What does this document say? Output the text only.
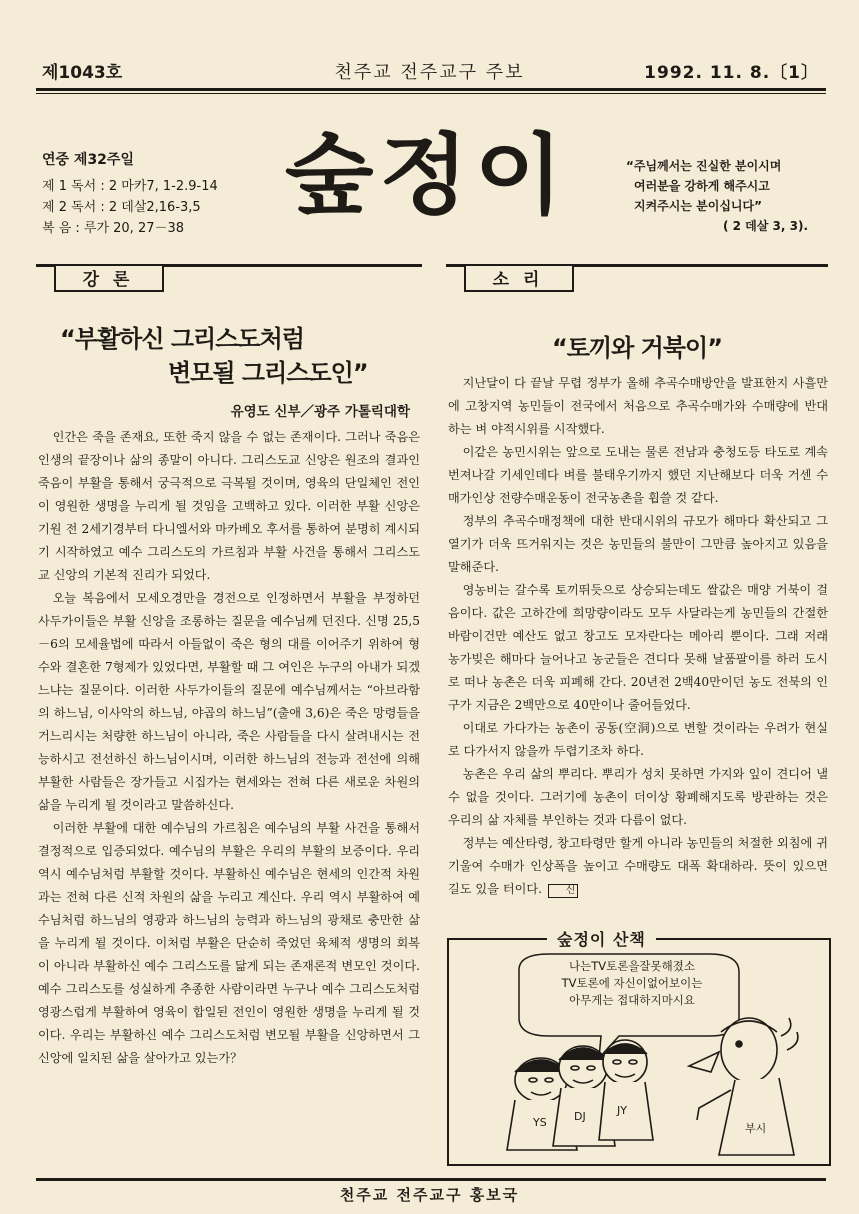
제1043호	천주교 전주교구 주보	1992. 11. 8.〔1〕
연중 제32주일
제 1 독서 : 2 마카7, 1-2.9-14
제 2 독서 : 2 데살2,16-3,5
복 음 : 루가 20, 27－38
숲정이	“주님께서는 진실한 분이시며
여러분을 강하게 해주시고
지켜주시는 분이십니다”
( 2 데살 3, 3).
강론
“부활하신 그리스도처럼
변모될 그리스도인”
유영도 신부／광주 가톨릭대학

인간은 죽을 존재요, 또한 죽지 않을 수 없는 존재이다. 그러나 죽음은 인생의 끝장이나 삶의 종말이 아니다. 그리스도교 신앙은 원조의 결과인 죽음이 부활을 통해서 궁극적으로 극복될 것이며, 영육의 단일체인 전인이 영원한 생명을 누리게 될 것임을 고백하고 있다. 이러한 부활 신앙은 기원 전 2세기경부터 다니엘서와 마카베오 후서를 통하여 분명히 계시되기 시작하였고 예수 그리스도의 가르침과 부활 사건을 통해서 그리스도교 신앙의 기본적 진리가 되었다.

오늘 복음에서 모세오경만을 경전으로 인정하면서 부활을 부정하던 사두가이들은 부활 신앙을 조롱하는 질문을 예수님께 던진다. 신명 25,5－6의 모세율법에 따라서 아들없이 죽은 형의 대를 이어주기 위하여 형수와 결혼한 7형제가 있었다면, 부활할 때 그 여인은 누구의 아내가 되겠느냐는 질문이다. 이러한 사두가이들의 질문에 예수님께서는 “아브라함의 하느님, 이사악의 하느님, 야곱의 하느님”(출애 3,6)은 죽은 망령들을 거느리시는 처량한 하느님이 아니라, 죽은 사람들을 다시 살려내시는 전능하시고 전선하신 하느님이시며, 이러한 하느님의 전능과 전선에 의해 부활한 사람들은 장가들고 시집가는 현세와는 전혀 다른 새로운 차원의 삶을 누리게 될 것이라고 말씀하신다.

이러한 부활에 대한 예수님의 가르침은 예수님의 부활 사건을 통해서 결정적으로 입증되었다. 예수님의 부활은 우리의 부활의 보증이다. 우리 역시 예수님처럼 부활할 것이다. 부활하신 예수님은 현세의 인간적 차원과는 전혀 다른 신적 차원의 삶을 누리고 계신다. 우리 역시 부활하여 예수님처럼 하느님의 영광과 하느님의 능력과 하느님의 광채로 충만한 삶을 누리게 될 것이다. 이처럼 부활은 단순히 죽었던 육체적 생명의 회복이 아니라 부활하신 예수 그리스도를 닮게 되는 존재론적 변모인 것이다. 예수 그리스도를 성실하게 추종한 사람이라면 누구나 예수 그리스도처럼 영광스럽게 부활하여 영육이 합일된 전인이 영원한 생명을 누리게 될 것이다. 우리는 부활하신 예수 그리스도처럼 변모될 부활을 신앙하면서 그 신앙에 일치된 삶을 살아가고 있는가？

소리
“토끼와 거북이”

지난달이 다 끝날 무렵 정부가 올해 추곡수매방안을 발표한지 사흘만에 고창지역 농민들이 전국에서 처음으로 추곡수매가와 수매량에 반대하는 벼 야적시위를 시작했다.

이같은 농민시위는 앞으로 도내는 물론 전남과 충청도등 타도로 계속 번져나갈 기세인데다 벼를 불태우기까지 했던 지난해보다 더욱 거센 수매가인상 전량수매운동이 전국농촌을 휩쓸 것 같다.

정부의 추곡수매정책에 대한 반대시위의 규모가 해마다 확산되고 그 열기가 더욱 뜨거워지는 것은 농민들의 불만이 그만큼 높아지고 있음을 말해준다.

영농비는 갈수록 토끼뛰듯으로 상승되는데도 쌀값은 매양 거북이 걸음이다. 값은 고하간에 희망량이라도 모두 사달라는게 농민들의 간절한 바람이건만 예산도 없고 창고도 모자란다는 메아리 뿐이다. 그래 저래 농가빚은 해마다 늘어나고 농군들은 견디다 못해 날품팔이를 하러 도시로 떠나 농촌은 더욱 피폐해 간다. 20년전 2백40만이던 농도 전북의 인구가 지금은 2백만으로 40만이나 줄어들었다.

이대로 가다가는 농촌이 공동(空洞)으로 변할 것이라는 우려가 현실로 다가서지 않을까 두렵기조차 하다.

농촌은 우리 삶의 뿌리다. 뿌리가 성치 못하면 가지와 잎이 견디어 낼 수 없을 것이다. 그러기에 농촌이 더이상 황폐해지도록 방관하는 것은 우리의 삶 자체를 부인하는 것과 다름이 없다.

정부는 예산타령, 창고타령만 할게 아니라 농민들의 처절한 외침에 귀기울여 수매가 인상폭을 높이고 수매량도 대폭 확대하라. 뜻이 있으면 길도 있을 터이다. 신

숲정이 산책
YS DJ	JY
부시
나는TV토론을잘못해졌소
TV토론에 자신이없어보이는
아무게는 접대하지마시요
천주교 전주교구 홍보국
